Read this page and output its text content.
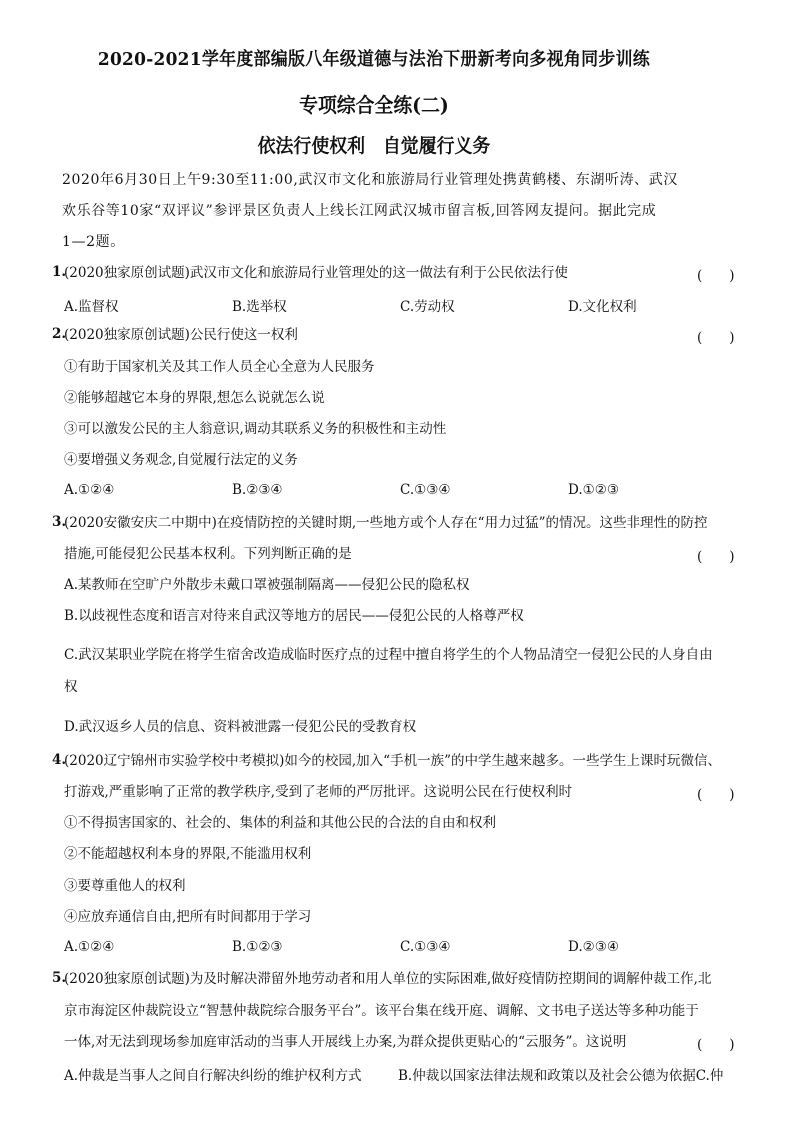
2020-2021学年度部编版八年级道德与法治下册新考向多视角同步训练
专项综合全练(二)
依法行使权利　自觉履行义务
2020年6月30日上午9:30至11:00,武汉市文化和旅游局行业管理处携黄鹤楼、东湖听涛、武汉
欢乐谷等10家“双评议”参评景区负责人上线长江网武汉城市留言板,回答网友提问。据此完成
1—2题。
1.
(2020独家原创试题)武汉市文化和旅游局行业管理处的这一做法有利于公民依法行使	(　　)
A.监督权	B.选举权	C.劳动权	D.文化权利
2.
(2020独家原创试题)公民行使这一权利	(　　)
①有助于国家机关及其工作人员全心全意为人民服务
②能够超越它本身的界限,想怎么说就怎么说
③可以激发公民的主人翁意识,调动其联系义务的积极性和主动性
④要增强义务观念,自觉履行法定的义务
A.①②④	B.②③④	C.①③④	D.①②③
3.
(2020安徽安庆二中期中)在疫情防控的关键时期,一些地方或个人存在“用力过猛”的情况。这些非理性的防控
措施,可能侵犯公民基本权利。下列判断正确的是	(　　)
A.某教师在空旷户外散步未戴口罩被强制隔离——侵犯公民的隐私权
B.以歧视性态度和语言对待来自武汉等地方的居民——侵犯公民的人格尊严权
C.武汉某职业学院在将学生宿舍改造成临时医疗点的过程中擅自将学生的个人物品清空一侵犯公民的人身自由
权
D.武汉返乡人员的信息、资料被泄露一侵犯公民的受教育权
4.
(2020辽宁锦州市实验学校中考模拟)如今的校园,加入“手机一族”的中学生越来越多。一些学生上课时玩微信、
打游戏,严重影响了正常的教学秩序,受到了老师的严厉批评。这说明公民在行使权利时	(　　)
①不得损害国家的、社会的、集体的利益和其他公民的合法的自由和权利
②不能超越权利本身的界限,不能滥用权利
③要尊重他人的权利
④应放弃通信自由,把所有时间都用于学习
A.①②④	B.①②③	C.①③④	D.②③④
5.
(2020独家原创试题)为及时解决滞留外地劳动者和用人单位的实际困难,做好疫情防控期间的调解仲裁工作,北
京市海淀区仲裁院设立“智慧仲裁院综合服务平台”。该平台集在线开庭、调解、文书电子送达等多种功能于
一体,对无法到现场参加庭审活动的当事人开展线上办案,为群众提供更贴心的“云服务”。这说明	(　　)
A.仲裁是当事人之间自行解决纠纷的维护权利方式	B.仲裁以国家法律法规和政策以及社会公德为依据C.仲
